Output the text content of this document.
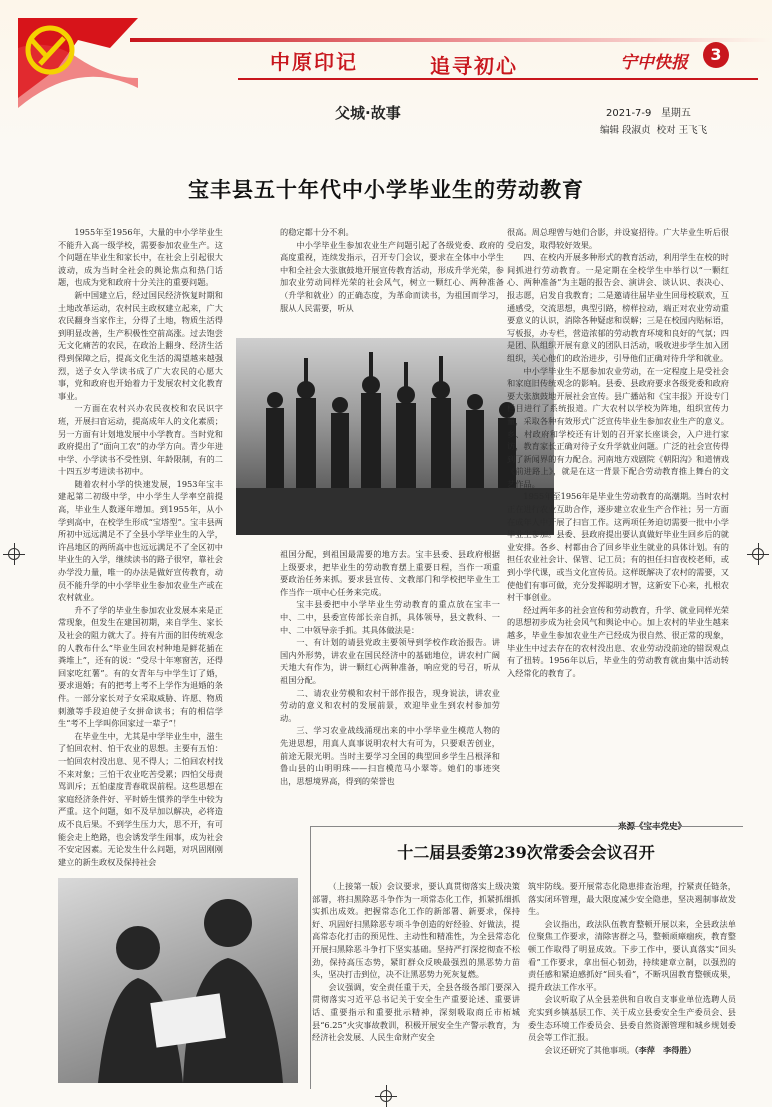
中原印记	追寻初心	宁中快报	3
父城·故事	2021-7-9 星期五
编辑 段淑贞 校对 王飞飞
宝丰县五十年代中小学毕业生的劳动教育

1955年至1956年，大量的中小学毕业生不能升入高一级学校，需要参加农业生产。这个问题在毕业生和家长中，在社会上引起很大波动，成为当时全社会的舆论焦点和热门话题，也成为党和政府十分关注的重要问题。

新中国建立后，经过国民经济恢复时期和土地改革运动，农村民主政权建立起来，广大农民翻身当家作主，分得了土地，物质生活得到明显改善，生产积极性空前高涨。过去饱尝无文化痛苦的农民，在政治上翻身、经济生活得到保障之后，提高文化生活的渴望越来越强烈，送子女入学读书成了广大农民的心愿大事，党和政府也开始着力于发展农村文化教育事业。

一方面在农村兴办农民夜校和农民识字班，开展扫盲运动，提高成年人的文化素质；另一方面有计划地发展中小学教育。当时党和政府提出了“面向工农”的办学方向。青少年进中学、小学读书不受性别、年龄限制，有的二十四五岁考进读书初中。

随着农村小学的快速发展，1953年宝丰建起第二初级中学，中小学生人学率空前提高，毕业生人数逐年增加。到1955年，从小学到高中，在校学生形成“宝塔型”。宝丰县两所初中远远满足不了全县小学毕业生的入学，许昌地区的两所高中也远远满足不了全区初中毕业生的入学，继续读书的路子很窄，靠社会办学没力量，唯一的办法是做好宣传教育，动员不能升学的中小学毕业生参加农业生产或在农村就业。

升不了学的毕业生参加农业发展本来是正常现象，但发生在建国初期，来自学生、家长及社会的阻力就大了。持有片面的旧传统观念的人教布什么“毕业生回农村种地是鲜花插在粪堆上”，还有的说：“受尽十年寒窗苦，还得回家吃红薯”。有的女青年与中学生订了婚，要求退婚；有的把考上考不上学作为退婚的条件。一部分家长对子女采取威胁、许愿、物质刺激等手段迫使子女拼命读书；有的相信学生“考不上学叫你回家过一辈子”！

在毕业生中，尤其是中学毕业生中，滋生了怕回农村、怕干农业的思想。主要有五怕：一怕回农村没出息、见不得人；二怕回农村找不来对象；三怕干农业吃苦受累；四怕父母责骂训斥；五怕虚度青春耽误前程。这些思想在家庭经济条件好、平时娇生惯养的学生中较为严重。这个问题，如不及早加以解决，必将造成不良后果。不到学生压力大，思不开，有可能会走上绝路，也会诱发学生闹事，成为社会不安定因素。无论发生什么问题，对巩固刚刚建立的新生政权及保持社会

的稳定都十分不利。

中小学毕业生参加农业生产问题引起了各级党委、政府的高度重视，连续发指示，召开专门会议，要求在全体中小学生中和全社会大张旗鼓地开展宣传教育活动，形成升学光荣，参加农业劳动同样光荣的社会风气，树立一颗红心、两种准备（升学和就业）的正确态度，为革命而读书，为祖国而学习，服从人民需要，听从

祖国分配，到祖国最需要的地方去。宝丰县委、县政府根据上级要求，把毕业生的劳动教育摆上重要日程，当作一项重要政治任务来抓。要求县宣传、文教部门和学校把毕业生工作当作一项中心任务来完成。

宝丰县委把中小学毕业生劳动教育的重点放在宝丰一中、二中，县委宣传部长亲自抓，具体领导，县文教科、一中、二中领导亲手抓。其具体做法是：

一、有计划的请县党政主要领导到学校作政治报告。讲国内外形势，讲农业在国民经济中的基础地位，讲农村广阔天地大有作为，讲一颗红心两种准备，响应党的号召，听从祖国分配。

二、请农业劳模和农村干部作报告，现身说法，讲农业劳动的意义和农村的发展前景，欢迎毕业生到农村参加劳动。

三、学习农业战线涌现出来的中小学毕业生模范人物的先进思想，用真人真事说明农村大有可为，只要艰苦创业，前途无限光明。当时主要学习全国的典型回乡学生吕根泽和鲁山县的山明明珠——扫盲模范马小翠等。她们的事迹突出，思想境界高，得到的荣誉也

很高。周总理曾与她们合影，并设宴招待。广大毕业生听后很受启发，取得较好效果。

四、在校内开展多种形式的教育活动，利用学生在校的时间抓进行劳动教育。一是定期在全校学生中举行以“一颗红心、两种准备”为主题的报告会、演讲会、谈认识、表决心、报志愿，启发自我教育；二是邀请往届毕业生回母校联欢，互通感受，交流思想，典型引路，榜样拉动，端正对农业劳动重要意义的认识，消除各种疑虑和误解；三是在校园内贴标语，写板报，办专栏，营造浓郁的劳动教育环境和良好的气氛；四是团、队组织开展有意义的团队日活动，吸收进步学生加入团组织，关心他们的政治进步，引导他们正确对待升学和就业。

中小学毕业生不愿参加农业劳动，在一定程度上是受社会和家庭旧传统观念的影响。县委、县政府要求各级党委和政府要大张旗鼓地开展社会宣传。县广播站和《宝丰报》开设专门栏目进行了系统报道。广大农村以学校为阵地，组织宣传力量，采取各种有效形式广泛宣传毕业生参加农业生产的意义。乡、村政府和学校还有计划的召开家长座谈会，入户进行家访，教育家长正确对待子女升学就业问题。广泛的社会宣传得到了新闻界的有力配合。河南地方戏剧院《朝阳沟》和道情戏《前进路上》，就是在这一背景下配合劳动教育推上舞台的文艺作品。

1955年至1956年是毕业生劳动教育的高潮期。当时农村正在进行农业互助合作，逐步建立农业生产合作社；另一方面在成年人中开展了扫盲工作。这两项任务迫切需要一批中小学毕业生参加。县委、县政府提出要认真做好毕业生回乡后的就业安排。各乡、村都由合了回乡毕业生就业的具体计划。有的担任农业社会计、保管、记工员；有的担任扫盲夜校老师，或到小学代课，或当文化宣传员。这样既解决了农村的需要，又使他们有事可做，充分发挥聪明才智，这新安下心来，扎根农村干事创业。

经过两年多的社会宣传和劳动教育，升学、就业同样光荣的思想初步成为社会风气和舆论中心。加上农村的毕业生越来越多，毕业生参加农业生产已经成为很自然、很正常的现象，毕业生中过去存在的农村没出息、农业劳动没前途的错误观点有了扭转。1956年以后，毕业生的劳动教育就由集中活动转入经常化的教育了。

来源《宝丰党史》
十二届县委第239次常委会会议召开

（上接第一版）会议要求，要认真贯彻落实上级决策部署，将扫黑除恶斗争作为一项常态化工作，抓紧抓细抓实抓出成效。把握常态化工作的新部署、新要求，保持好、巩固好扫黑除恶专项斗争创造的好经验、好做法，提高常态化打击的预见性、主动性和精准性，为全县常态化开展扫黑除恶斗争打下坚实基础。坚持严打深挖彻查不松劲，保持高压态势，紧盯群众反映最强烈的黑恶势力苗头，坚决打击到位，决不让黑恶势力死灰复燃。

会议强调，安全责任重于天，全县各级各部门要深入贯彻落实习近平总书记关于安全生产重要论述、重要讲话、重要指示和重要批示精神，深刻吸取商丘市柘城县“6.25”火灾事故教训，积极开展安全生产警示教育，为经济社会发展、人民生命财产安全

筑牢防线。要开展常态化隐患排查治理，拧紧责任链条，落实闭环管理，最大限度减少安全隐患，坚决遏制事故发生。

会议指出，政法队伍教育整顿开展以来，全县政法单位聚焦工作要求，清除害群之马，整顿顽瘴痼疾，教育整顿工作取得了明显成效。下步工作中，要认真落实“回头看”工作要求，拿出恒心韧劲，持续建章立制，以强烈的责任感和紧迫感抓好“回头看”，不断巩固教育整顿成果，提升政法工作水平。

会议听取了从全县差供和自收自支事业单位选聘人员充实到乡镇基层工作、关于成立县委安全生产委员会、县委生态环境工作委员会、县委自然资源管理和城乡规划委员会等工作汇报。

会议还研究了其他事项。（李萍　李得胜）
